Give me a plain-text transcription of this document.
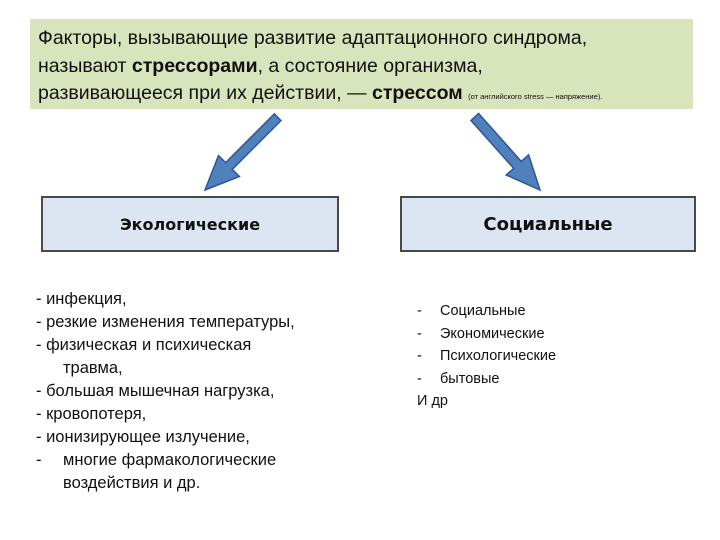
Факторы, вызывающие развитие адаптационного синдрома,
называют стрессорами, а состояние организма,
развивающееся при их действии, — стрессом (от английского stress — напряжение).
Экологические	Социальные
- инфекция,
- резкие изменения температуры,
- физическая и психическая
травма,
- большая мышечная нагрузка,
- кровопотеря,
- ионизирующее излучение,
-	многие фармакологические
воздействия и др.
-	Социальные
-	Экономические
-	Психологические
-	бытовые
И др
